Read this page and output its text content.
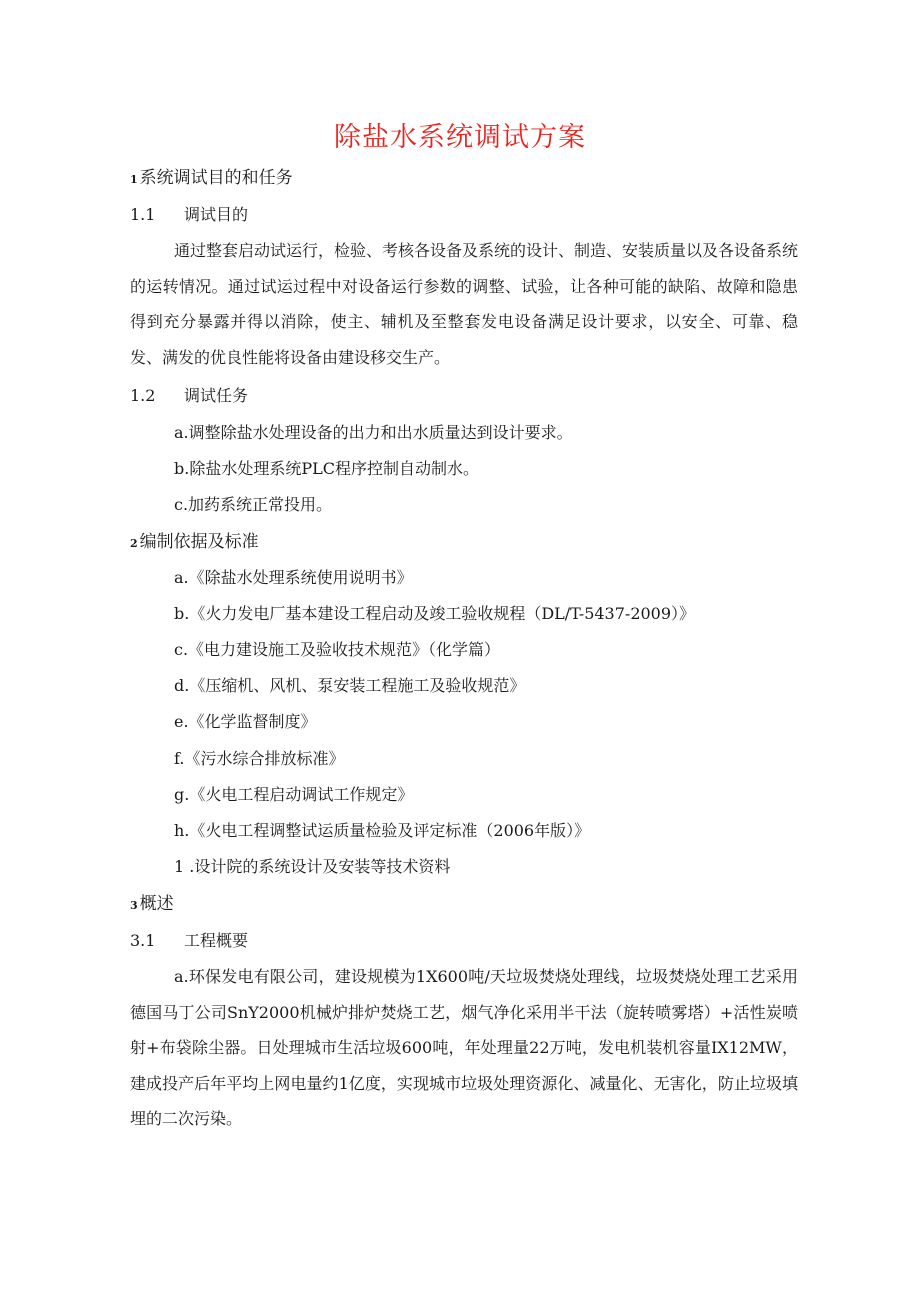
除盐水系统调试方案
1 系统调试目的和任务
1.1 调试目的

通过整套启动试运行，检验、考核各设备及系统的设计、制造、安装质量以及各设备系统的运转情况。通过试运过程中对设备运行参数的调整、试验，让各种可能的缺陷、故障和隐患得到充分暴露并得以消除，使主、辅机及至整套发电设备满足设计要求，以安全、可靠、稳发、满发的优良性能将设备由建设移交生产。

1.2 调试任务
a.调整除盐水处理设备的出力和出水质量达到设计要求。
b.除盐水处理系统PLC程序控制自动制水。
c.加药系统正常投用。
2 编制依据及标准
a.《除盐水处理系统使用说明书》
b.《火力发电厂基本建设工程启动及竣工验收规程（DL/T-5437-2009）》
c.《电力建设施工及验收技术规范》（化学篇）
d.《压缩机、风机、泵安装工程施工及验收规范》
e.《化学监督制度》
f.《污水综合排放标准》
g.《火电工程启动调试工作规定》
h.《火电工程调整试运质量检验及评定标准（2006年版）》
1 .设计院的系统设计及安装等技术资料
3 概述
3.1 工程概要

a.环保发电有限公司，建设规模为1X600吨/天垃圾焚烧处理线，垃圾焚烧处理工艺采用德国马丁公司SnY2000机械炉排炉焚烧工艺，烟气净化采用半干法（旋转喷雾塔）+活性炭喷射+布袋除尘器。日处理城市生活垃圾600吨，年处理量22万吨，发电机装机容量IX12MW，建成投产后年平均上网电量约1亿度，实现城市垃圾处理资源化、减量化、无害化，防止垃圾填埋的二次污染。
